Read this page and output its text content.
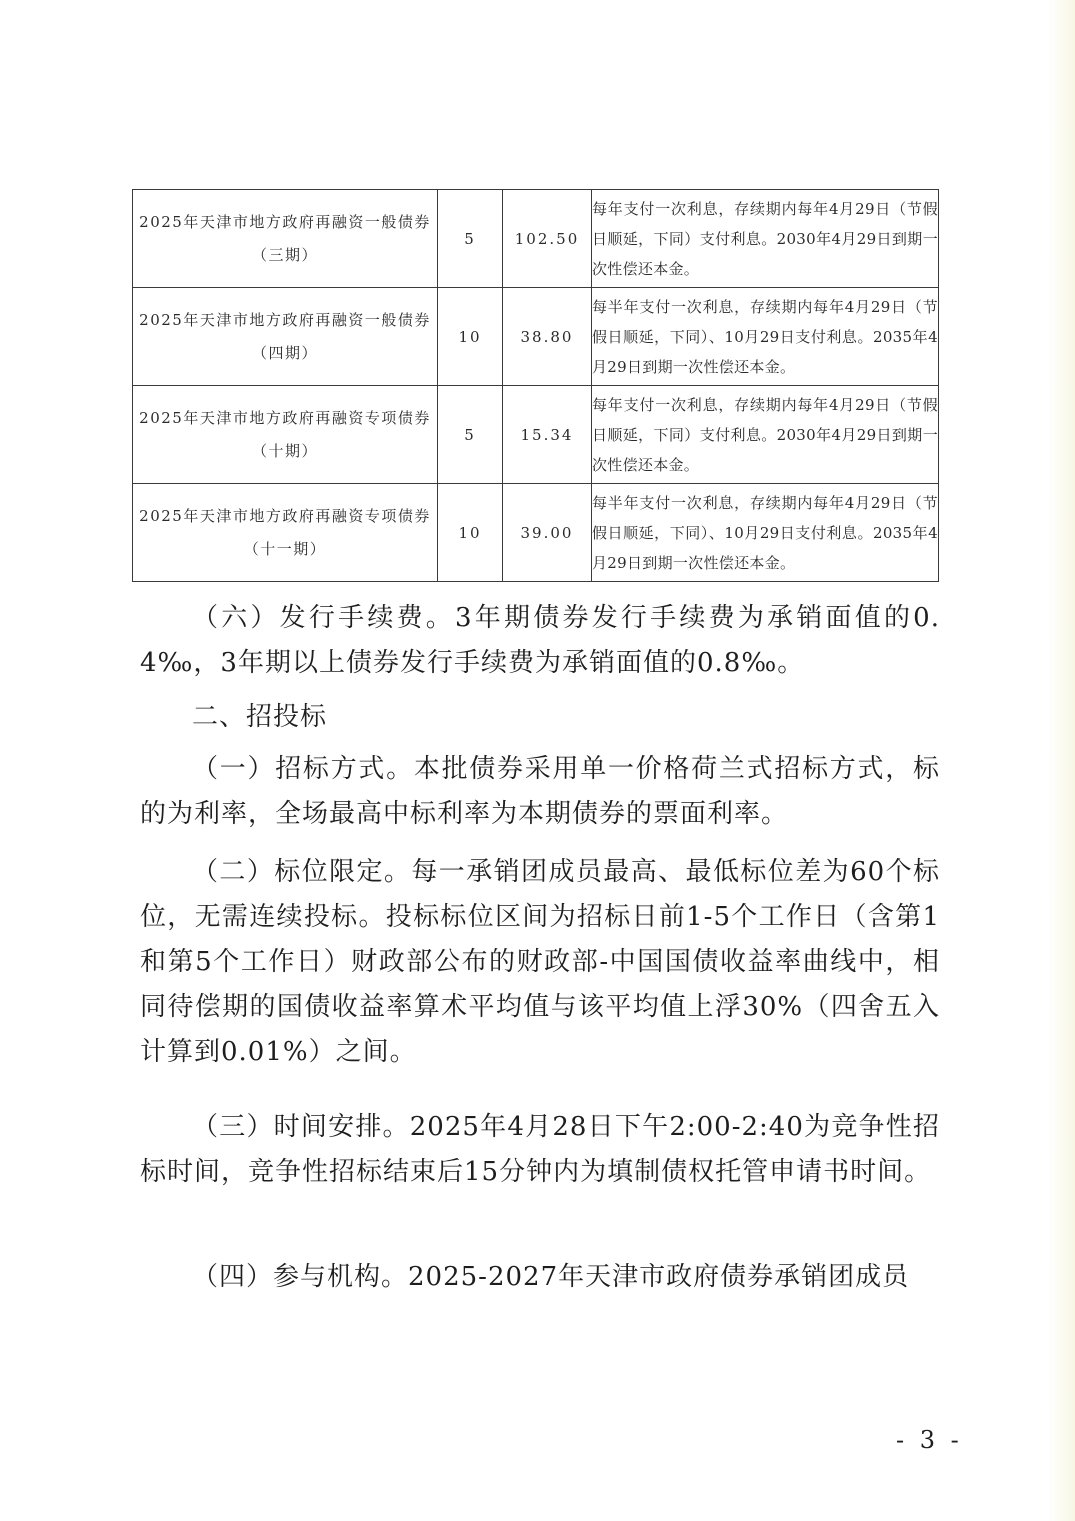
2025年天津市地方政府再融资一般债券（三期）	5	102.50	每年支付一次利息，存续期内每年4月29日（节假日顺延，下同）支付利息。2030年4月29日到期一次性偿还本金。
2025年天津市地方政府再融资一般债券（四期）	10	38.80	每半年支付一次利息，存续期内每年4月29日（节假日顺延，下同）、10月29日支付利息。2035年4月29日到期一次性偿还本金。
2025年天津市地方政府再融资专项债券（十期）	5	15.34	每年支付一次利息，存续期内每年4月29日（节假日顺延，下同）支付利息。2030年4月29日到期一次性偿还本金。
2025年天津市地方政府再融资专项债券（十一期）	10	39.00	每半年支付一次利息，存续期内每年4月29日（节假日顺延，下同）、10月29日支付利息。2035年4月29日到期一次性偿还本金。

（六）发行手续费。3年期债券发行手续费为承销面值的0.4‰，3年期以上债券发行手续费为承销面值的0.8‰。

二、招投标

（一）招标方式。本批债券采用单一价格荷兰式招标方式，标的为利率，全场最高中标利率为本期债券的票面利率。

（二）标位限定。每一承销团成员最高、最低标位差为60个标位，无需连续投标。投标标位区间为招标日前1-5个工作日（含第1和第5个工作日）财政部公布的财政部-中国国债收益率曲线中，相同待偿期的国债收益率算术平均值与该平均值上浮30%（四舍五入计算到0.01%）之间。

（三）时间安排。2025年4月28日下午2:00-2:40为竞争性招标时间，竞争性招标结束后15分钟内为填制债权托管申请书时间。

（四）参与机构。2025-2027年天津市政府债券承销团成员

- 3 -
